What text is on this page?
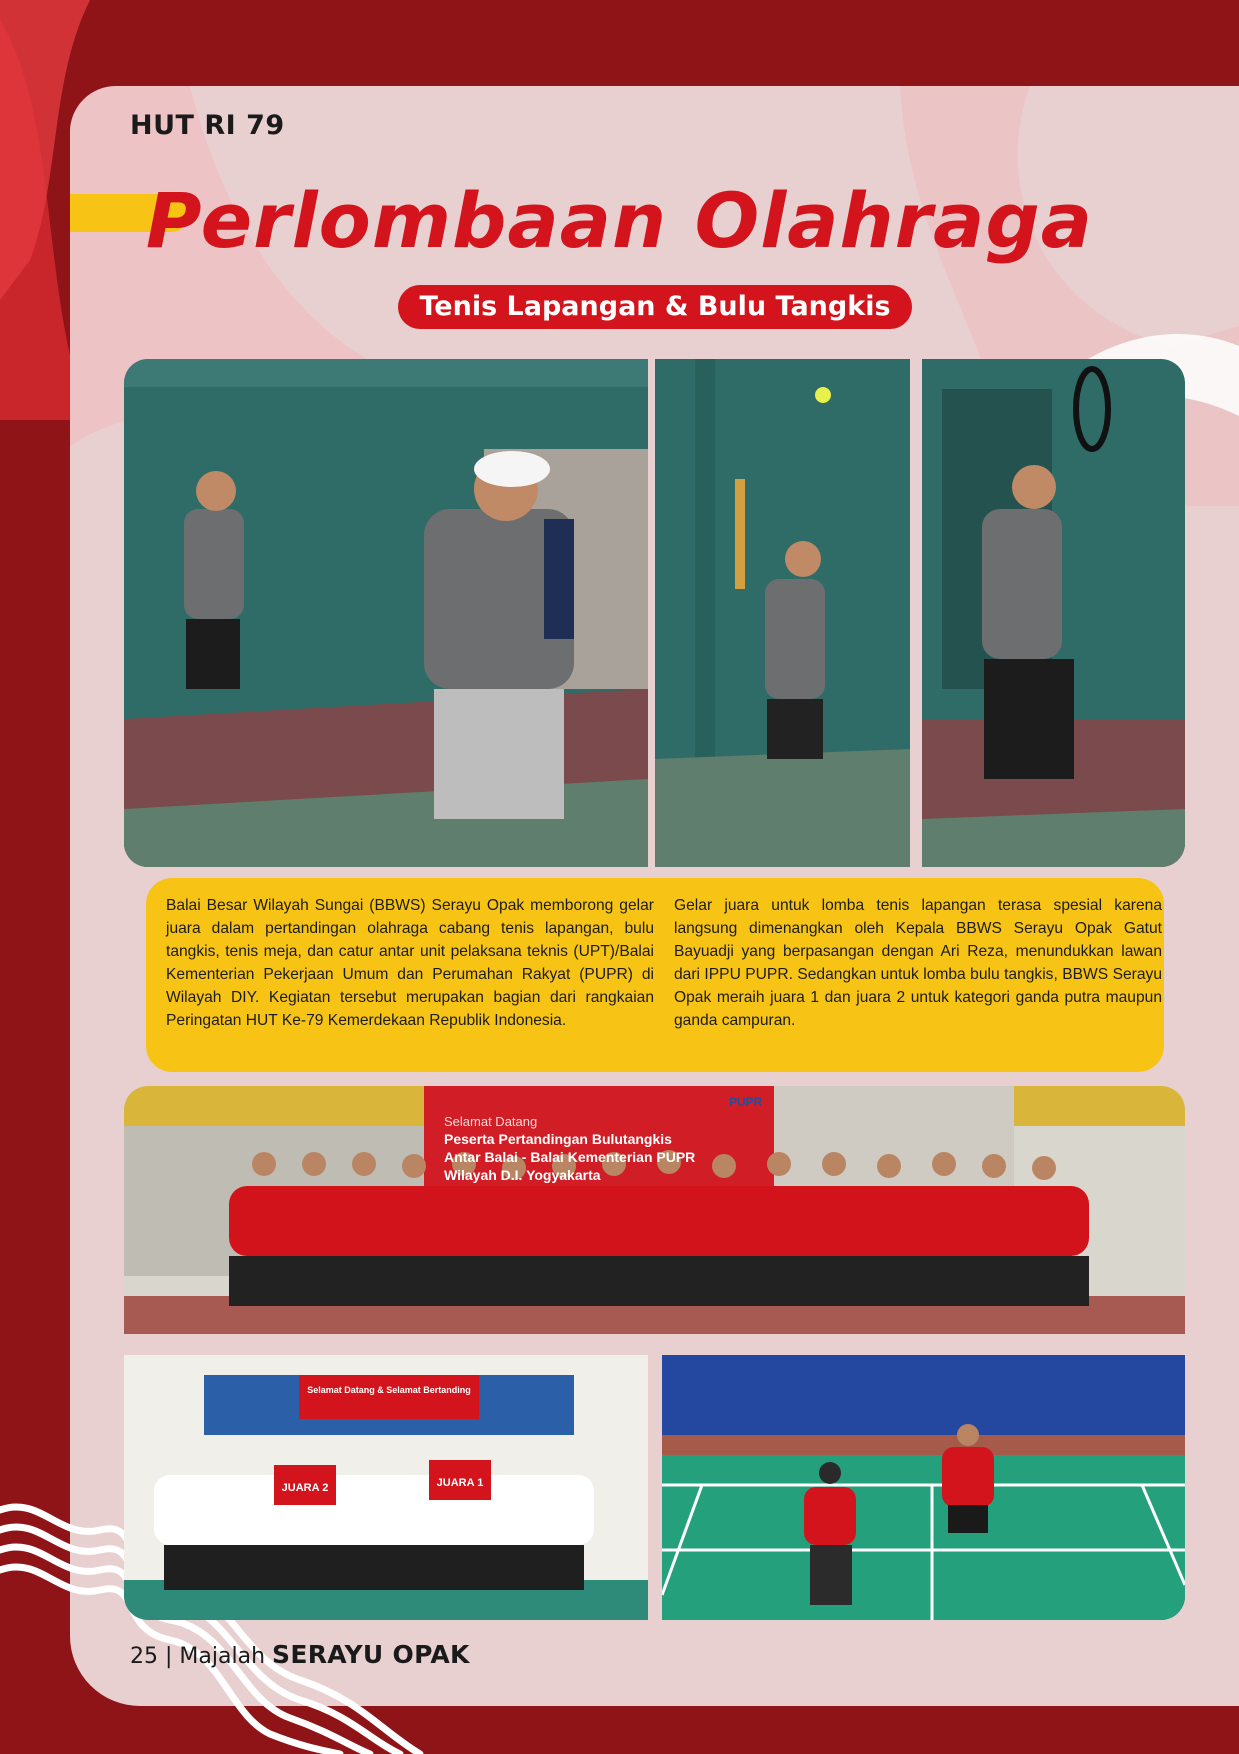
HUT RI 79

Perlombaan Olahraga
Tenis Lapangan & Bulu Tangkis

Balai Besar Wilayah Sungai (BBWS) Serayu Opak memborong gelar juara dalam pertandingan olahraga cabang tenis lapangan, bulu tangkis, tenis meja, dan catur antar unit pelaksana teknis (UPT)/Balai Kementerian Pekerjaan Umum dan Perumahan Rakyat (PUPR) di Wilayah DIY. Kegiatan tersebut merupakan bagian dari rangkaian Peringatan HUT Ke-79 Kemerdekaan Republik Indonesia.

Gelar juara untuk lomba tenis lapangan terasa spesial karena langsung dimenangkan oleh Kepala BBWS Serayu Opak Gatut Bayuadji yang berpasangan dengan Ari Reza, menundukkan lawan dari IPPU PUPR. Sedangkan untuk lomba bulu tangkis, BBWS Serayu Opak meraih juara 1 dan juara 2 untuk kategori ganda putra maupun ganda campuran.

Selamat Datang
Peserta Pertandingan Bulutangkis
Antar Balai - Balai Kementerian PUPR
Wilayah D.I. Yogyakarta
PUPR
JUARA 2	JUARA 1
Selamat Datang & Selamat Bertanding
25 | Majalah SERAYU OPAK
